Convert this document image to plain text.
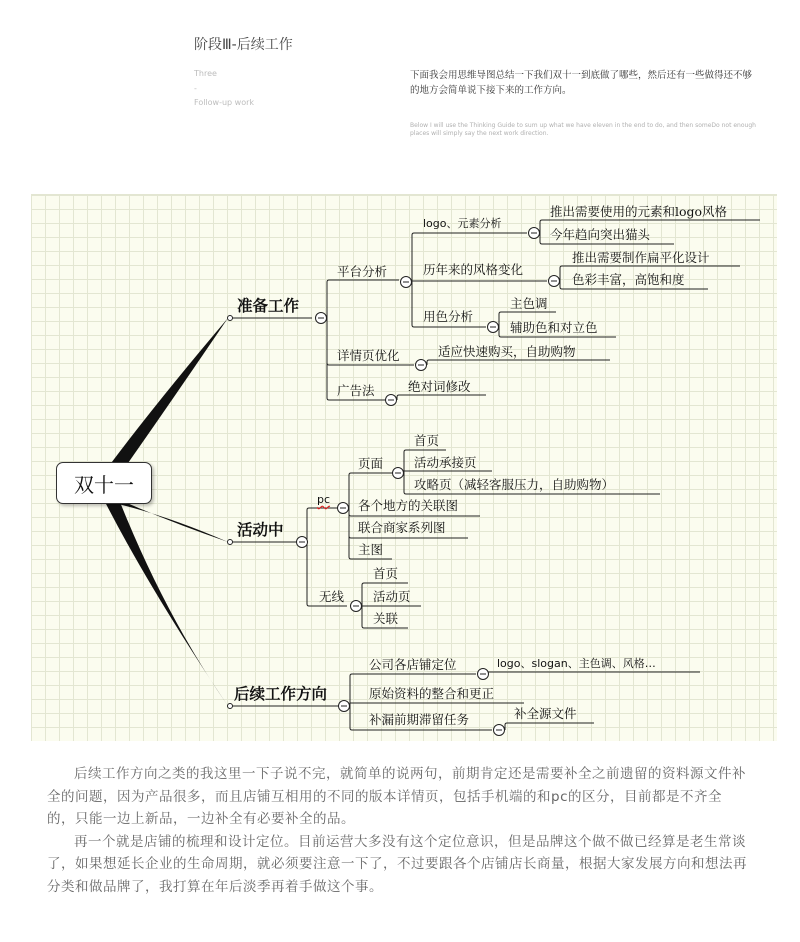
阶段Ⅲ-后续工作
Three
-
Follow-up work
下面我会用思维导图总结一下我们双十一到底做了哪些，然后还有一些做得还不够的地方会简单说下接下来的工作方向。
Below I will use the Thinking Guide to sum up what we have eleven in the end to do, and then someDo not enough places will simply say the next work direction.
双十一
准备工作
活动中
后续工作方向
平台分析
logo、元素分析
推出需要使用的元素和logo风格
今年趋向突出猫头
历年来的风格变化
推出需要制作扁平化设计
色彩丰富，高饱和度
用色分析
主色调
辅助色和对立色
详情页优化	适应快速购买，自助购物
广告法	绝对词修改
pc
页面
首页
活动承接页
攻略页（减轻客服压力，自助购物）
各个地方的关联图
联合商家系列图
主图
无线
首页
活动页
关联
公司各店铺定位	logo、slogan、主色调、风格…
原始资料的整合和更正
补漏前期滞留任务	补全源文件

后续工作方向之类的我这里一下子说不完，就简单的说两句，前期肯定还是需要补全之前遗留的资料源文件补全的问题，因为产品很多，而且店铺互相用的不同的版本详情页，包括手机端的和pc的区分，目前都是不齐全的，只能一边上新品，一边补全有必要补全的品。

再一个就是店铺的梳理和设计定位。目前运营大多没有这个定位意识，但是品牌这个做不做已经算是老生常谈了，如果想延长企业的生命周期，就必须要注意一下了，不过要跟各个店铺店长商量，根据大家发展方向和想法再分类和做品牌了，我打算在年后淡季再着手做这个事。
